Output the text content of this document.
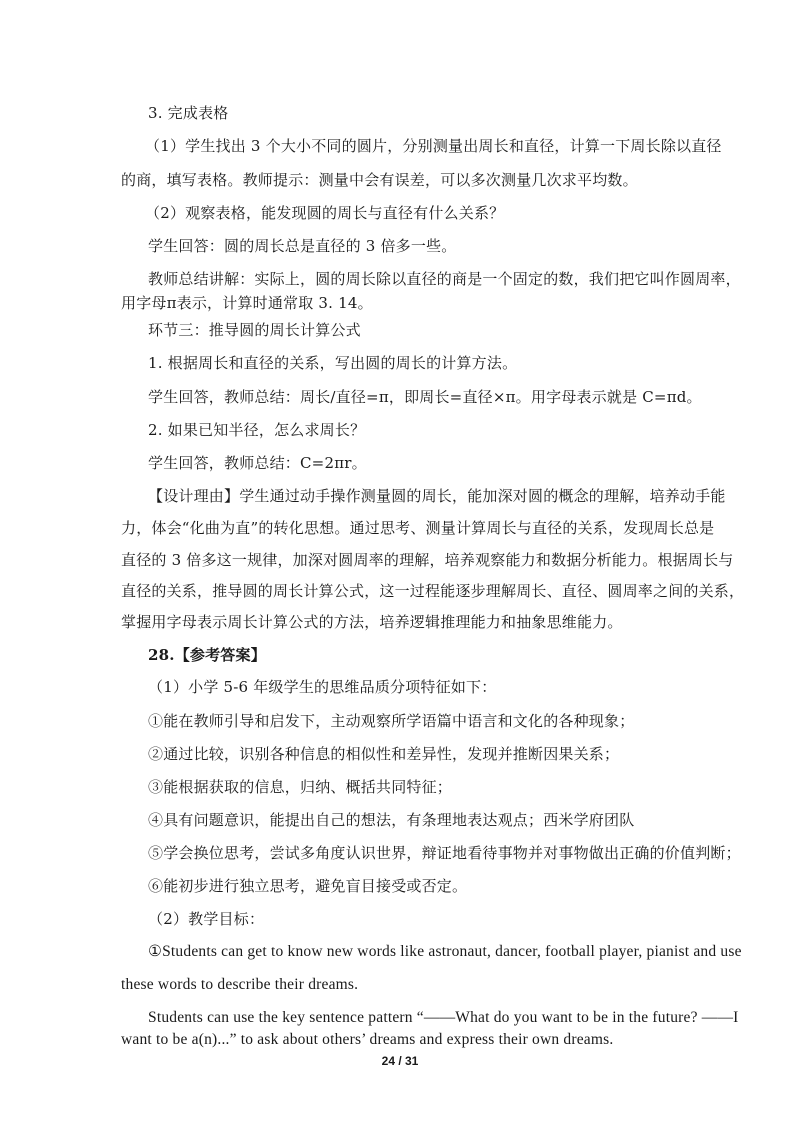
3. 完成表格
（1）学生找出 3 个大小不同的圆片，分别测量出周长和直径，计算一下周长除以直径
的商，填写表格。教师提示：测量中会有误差，可以多次测量几次求平均数。
（2）观察表格，能发现圆的周长与直径有什么关系？
学生回答：圆的周长总是直径的 3 倍多一些。
教师总结讲解：实际上，圆的周长除以直径的商是一个固定的数，我们把它叫作圆周率，
用字母π表示，计算时通常取 3. 14。
环节三：推导圆的周长计算公式
1. 根据周长和直径的关系，写出圆的周长的计算方法。
学生回答，教师总结：周长/直径=π，即周长=直径×π。用字母表示就是 C=πd。
2. 如果已知半径，怎么求周长？
学生回答，教师总结：C=2πr。
【设计理由】学生通过动手操作测量圆的周长，能加深对圆的概念的理解，培养动手能
力，体会“化曲为直”的转化思想。通过思考、测量计算周长与直径的关系，发现周长总是
直径的 3 倍多这一规律，加深对圆周率的理解，培养观察能力和数据分析能力。根据周长与
直径的关系，推导圆的周长计算公式，这一过程能逐步理解周长、直径、圆周率之间的关系，
掌握用字母表示周长计算公式的方法，培养逻辑推理能力和抽象思维能力。
28.【参考答案】
（1）小学 5-6 年级学生的思维品质分项特征如下：
①能在教师引导和启发下，主动观察所学语篇中语言和文化的各种现象；
②通过比较，识别各种信息的相似性和差异性，发现并推断因果关系；
③能根据获取的信息，归纳、概括共同特征；
④具有问题意识，能提出自己的想法，有条理地表达观点；西米学府团队
⑤学会换位思考，尝试多角度认识世界，辩证地看待事物并对事物做出正确的价值判断；
⑥能初步进行独立思考，避免盲目接受或否定。
（2）教学目标：
①Students can get to know new words like astronaut, dancer, football player, pianist and use
these words to describe their dreams.
Students can use the key sentence pattern “——What do you want to be in the future? ——I
want to be a(n)...” to ask about others’ dreams and express their own dreams.
24 / 31
